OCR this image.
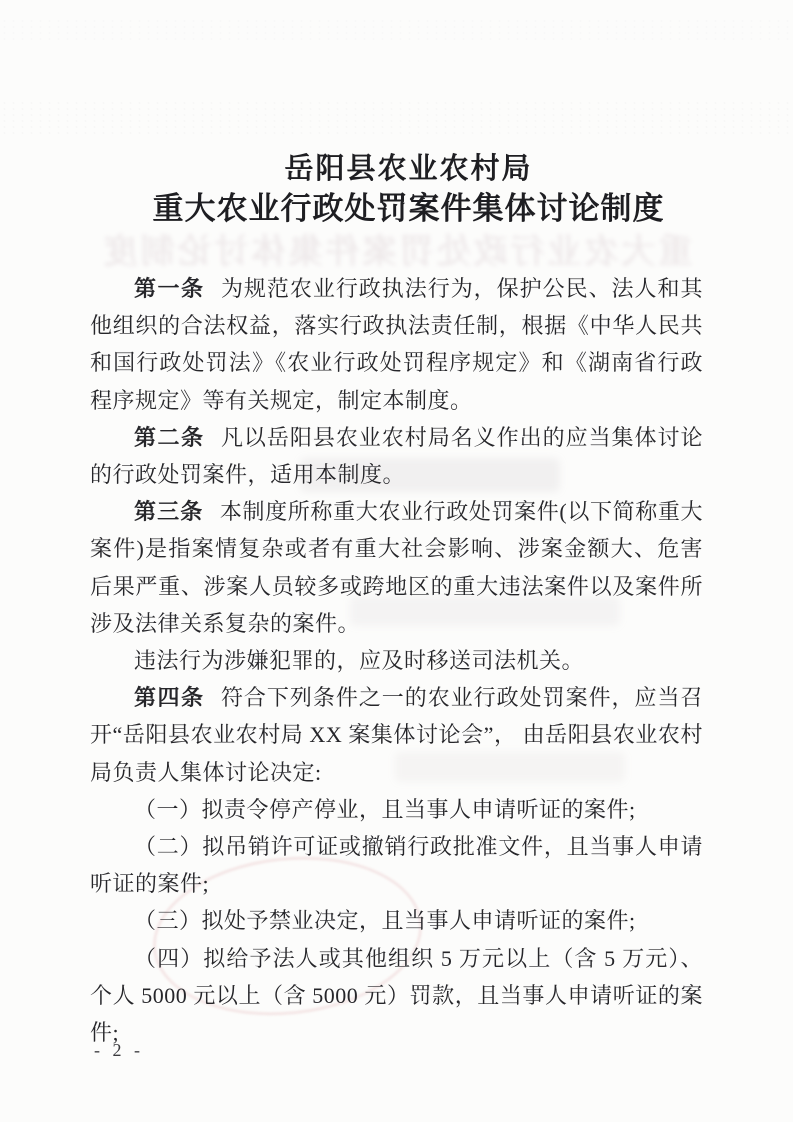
岳阳县农业农村局
重大农业行政处罚案件集体讨论制度
重大农业行政处罚案件集体讨论制度

第一条 为规范农业行政执法行为，保护公民、法人和其他组织的合法权益，落实行政执法责任制，根据《中华人民共和国行政处罚法》《农业行政处罚程序规定》和《湖南省行政程序规定》等有关规定，制定本制度。

第二条 凡以岳阳县农业农村局名义作出的应当集体讨论的行政处罚案件，适用本制度。

第三条 本制度所称重大农业行政处罚案件(以下简称重大案件)是指案情复杂或者有重大社会影响、涉案金额大、危害后果严重、涉案人员较多或跨地区的重大违法案件以及案件所涉及法律关系复杂的案件。

违法行为涉嫌犯罪的，应及时移送司法机关。

第四条 符合下列条件之一的农业行政处罚案件，应当召开“岳阳县农业农村局 XX 案集体讨论会”， 由岳阳县农业农村局负责人集体讨论决定:

（一）拟责令停产停业，且当事人申请听证的案件;

（二）拟吊销许可证或撤销行政批准文件，且当事人申请听证的案件;

（三）拟处予禁业决定，且当事人申请听证的案件;

（四）拟给予法人或其他组织 5 万元以上（含 5 万元）、个人 5000 元以上（含 5000 元）罚款，且当事人申请听证的案件;

- 2 -
